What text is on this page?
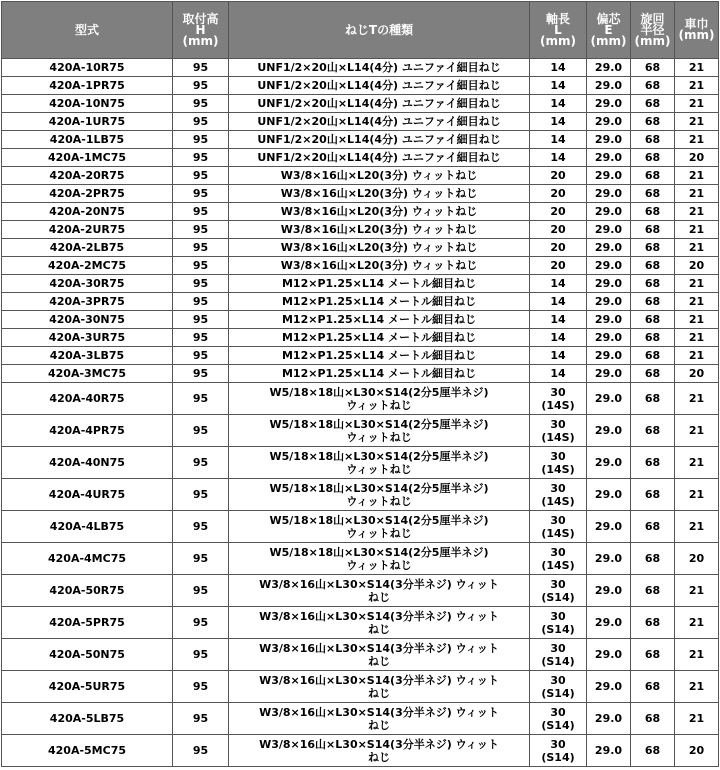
型式	取付高
H
(mm)	ねじTの種類	軸長
L
(mm)	偏芯
E
(mm)	旋回
半径
(mm)	車巾
(mm)

420A-10R75	95	UNF1/2×20山×L14(4分) ユニファイ細目ねじ	14	29.0	68	21
420A-1PR75	95	UNF1/2×20山×L14(4分) ユニファイ細目ねじ	14	29.0	68	21
420A-10N75	95	UNF1/2×20山×L14(4分) ユニファイ細目ねじ	14	29.0	68	21
420A-1UR75	95	UNF1/2×20山×L14(4分) ユニファイ細目ねじ	14	29.0	68	21
420A-1LB75	95	UNF1/2×20山×L14(4分) ユニファイ細目ねじ	14	29.0	68	21
420A-1MC75	95	UNF1/2×20山×L14(4分) ユニファイ細目ねじ	14	29.0	68	20
420A-20R75	95	W3/8×16山×L20(3分) ウィットねじ	20	29.0	68	21
420A-2PR75	95	W3/8×16山×L20(3分) ウィットねじ	20	29.0	68	21
420A-20N75	95	W3/8×16山×L20(3分) ウィットねじ	20	29.0	68	21
420A-2UR75	95	W3/8×16山×L20(3分) ウィットねじ	20	29.0	68	21
420A-2LB75	95	W3/8×16山×L20(3分) ウィットねじ	20	29.0	68	21
420A-2MC75	95	W3/8×16山×L20(3分) ウィットねじ	20	29.0	68	20
420A-30R75	95	M12×P1.25×L14 メートル細目ねじ	14	29.0	68	21
420A-3PR75	95	M12×P1.25×L14 メートル細目ねじ	14	29.0	68	21
420A-30N75	95	M12×P1.25×L14 メートル細目ねじ	14	29.0	68	21
420A-3UR75	95	M12×P1.25×L14 メートル細目ねじ	14	29.0	68	21
420A-3LB75	95	M12×P1.25×L14 メートル細目ねじ	14	29.0	68	21
420A-3MC75	95	M12×P1.25×L14 メートル細目ねじ	14	29.0	68	20
420A-40R75	95	W5/18×18山×L30×S14(2分5厘半ネジ)
ウィットねじ	30
(14S)	29.0	68	21
420A-4PR75	95	W5/18×18山×L30×S14(2分5厘半ネジ)
ウィットねじ	30
(14S)	29.0	68	21
420A-40N75	95	W5/18×18山×L30×S14(2分5厘半ネジ)
ウィットねじ	30
(14S)	29.0	68	21
420A-4UR75	95	W5/18×18山×L30×S14(2分5厘半ネジ)
ウィットねじ	30
(14S)	29.0	68	21
420A-4LB75	95	W5/18×18山×L30×S14(2分5厘半ネジ)
ウィットねじ	30
(14S)	29.0	68	21
420A-4MC75	95	W5/18×18山×L30×S14(2分5厘半ネジ)
ウィットねじ	30
(14S)	29.0	68	20
420A-50R75	95	W3/8×16山×L30×S14(3分半ネジ) ウィット
ねじ	30
(S14)	29.0	68	21
420A-5PR75	95	W3/8×16山×L30×S14(3分半ネジ) ウィット
ねじ	30
(S14)	29.0	68	21
420A-50N75	95	W3/8×16山×L30×S14(3分半ネジ) ウィット
ねじ	30
(S14)	29.0	68	21
420A-5UR75	95	W3/8×16山×L30×S14(3分半ネジ) ウィット
ねじ	30
(S14)	29.0	68	21
420A-5LB75	95	W3/8×16山×L30×S14(3分半ネジ) ウィット
ねじ	30
(S14)	29.0	68	21
420A-5MC75	95	W3/8×16山×L30×S14(3分半ネジ) ウィット
ねじ	30
(S14)	29.0	68	20
